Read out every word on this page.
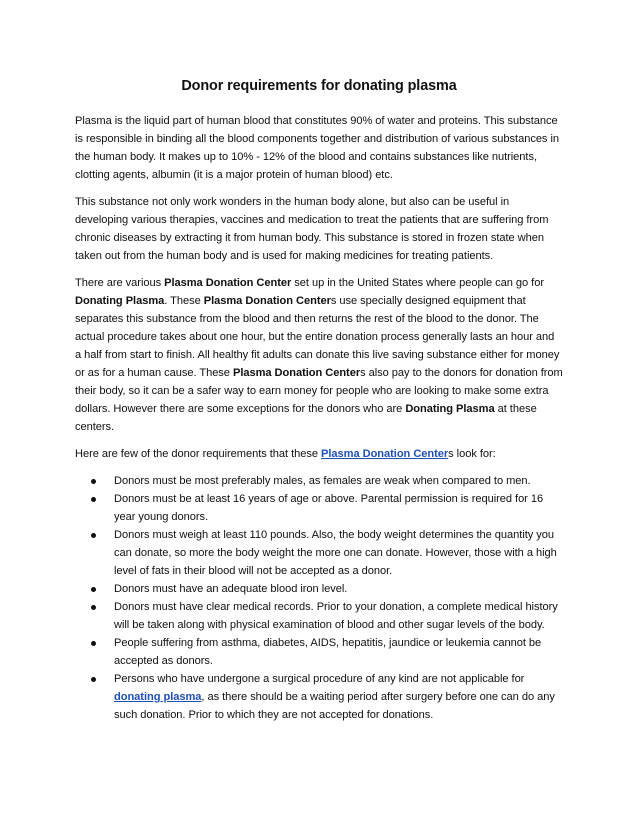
Donor requirements for donating plasma

Plasma is the liquid part of human blood that constitutes 90% of water and proteins. This substance is responsible in binding all the blood components together and distribution of various substances in the human body. It makes up to 10% - 12% of the blood and contains substances like nutrients, clotting agents, albumin (it is a major protein of human blood) etc.

This substance not only work wonders in the human body alone, but also can be useful in developing various therapies, vaccines and medication to treat the patients that are suffering from chronic diseases by extracting it from human body. This substance is stored in frozen state when taken out from the human body and is used for making medicines for treating patients.

There are various Plasma Donation Center set up in the United States where people can go for Donating Plasma. These Plasma Donation Centers use specially designed equipment that separates this substance from the blood and then returns the rest of the blood to the donor. The actual procedure takes about one hour, but the entire donation process generally lasts an hour and a half from start to finish. All healthy fit adults can donate this live saving substance either for money or as for a human cause. These Plasma Donation Centers also pay to the donors for donation from their body, so it can be a safer way to earn money for people who are looking to make some extra dollars. However there are some exceptions for the donors who are Donating Plasma at these centers.

Here are few of the donor requirements that these Plasma Donation Centers look for:

Donors must be most preferably males, as females are weak when compared to men.
Donors must be at least 16 years of age or above. Parental permission is required for 16 year young donors.
Donors must weigh at least 110 pounds. Also, the body weight determines the quantity you can donate, so more the body weight the more one can donate. However, those with a high level of fats in their blood will not be accepted as a donor.
Donors must have an adequate blood iron level.
Donors must have clear medical records. Prior to your donation, a complete medical history will be taken along with physical examination of blood and other sugar levels of the body.
People suffering from asthma, diabetes, AIDS, hepatitis, jaundice or leukemia cannot be accepted as donors.
Persons who have undergone a surgical procedure of any kind are not applicable for donating plasma, as there should be a waiting period after surgery before one can do any such donation. Prior to which they are not accepted for donations.
